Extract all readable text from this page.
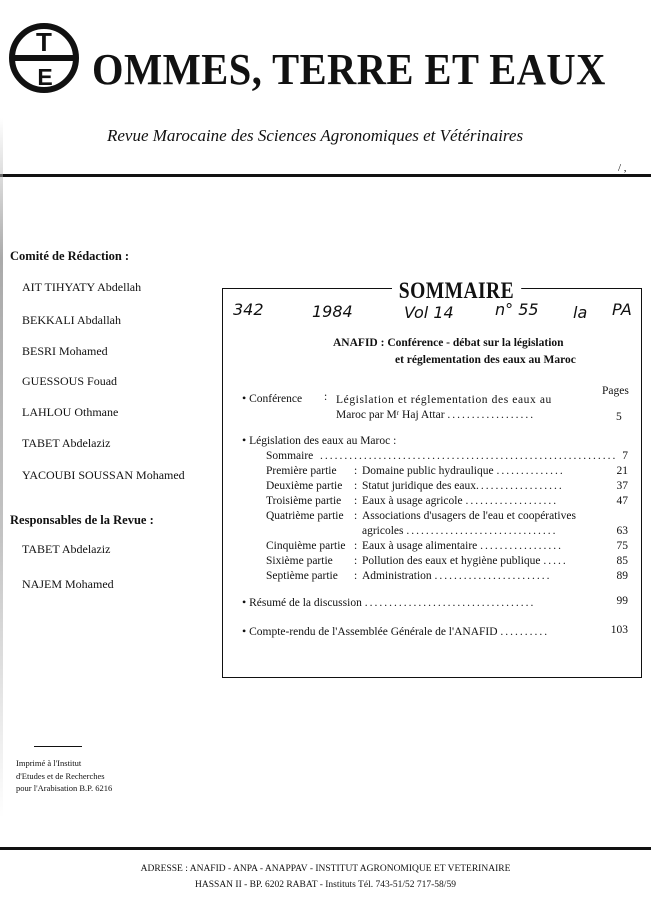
T
E OMMES, TERRE ET EAUX
Revue Marocaine des Sciences Agronomiques et Vétérinaires
/ ,
Comité de Rédaction :
AIT TIHYATY Abdellah
BEKKALI Abdallah
BESRI Mohamed
GUESSOUS Fouad
LAHLOU Othmane
TABET Abdelaziz
YACOUBI SOUSSAN Mohamed
Responsables de la Revue :
TABET Abdelaziz
NAJEM Mohamed
SOMMAIRE
342	1984	Vol 14	n° 55 la PA
ANAFID : Conférence - débat sur la législation
et réglementation des eaux au Maroc
Pages
• Conférence : Législation et réglementation des eaux au
Maroc par Mʳ Haj Attar ..................	5
• Législation des eaux au Maroc :
Sommaire ............................................................. 7
Première partie : Domaine public hydraulique ..............	21
Deuxième partie : Statut juridique des eaux..................	37
Troisième partie : Eaux à usage agricole ...................	47
Quatrième partie : Associations d'usagers de l'eau et coopératives
agricoles ...............................	63
Cinquième partie : Eaux à usage alimentaire .................	75
Sixième partie : Pollution des eaux et hygiène publique .....	85
Septième partie : Administration ........................	89
• Résumé de la discussion ...................................	99
• Compte-rendu de l'Assemblée Générale de l'ANAFID ..........	103
Imprimé à l'Institut
d'Etudes et de Recherches
pour l'Arabisation B.P. 6216
ADRESSE : ANAFID - ANPA - ANAPPAV - INSTITUT AGRONOMIQUE ET VETERINAIRE
HASSAN II - BP. 6202 RABAT - Instituts Tél. 743-51/52 717-58/59
